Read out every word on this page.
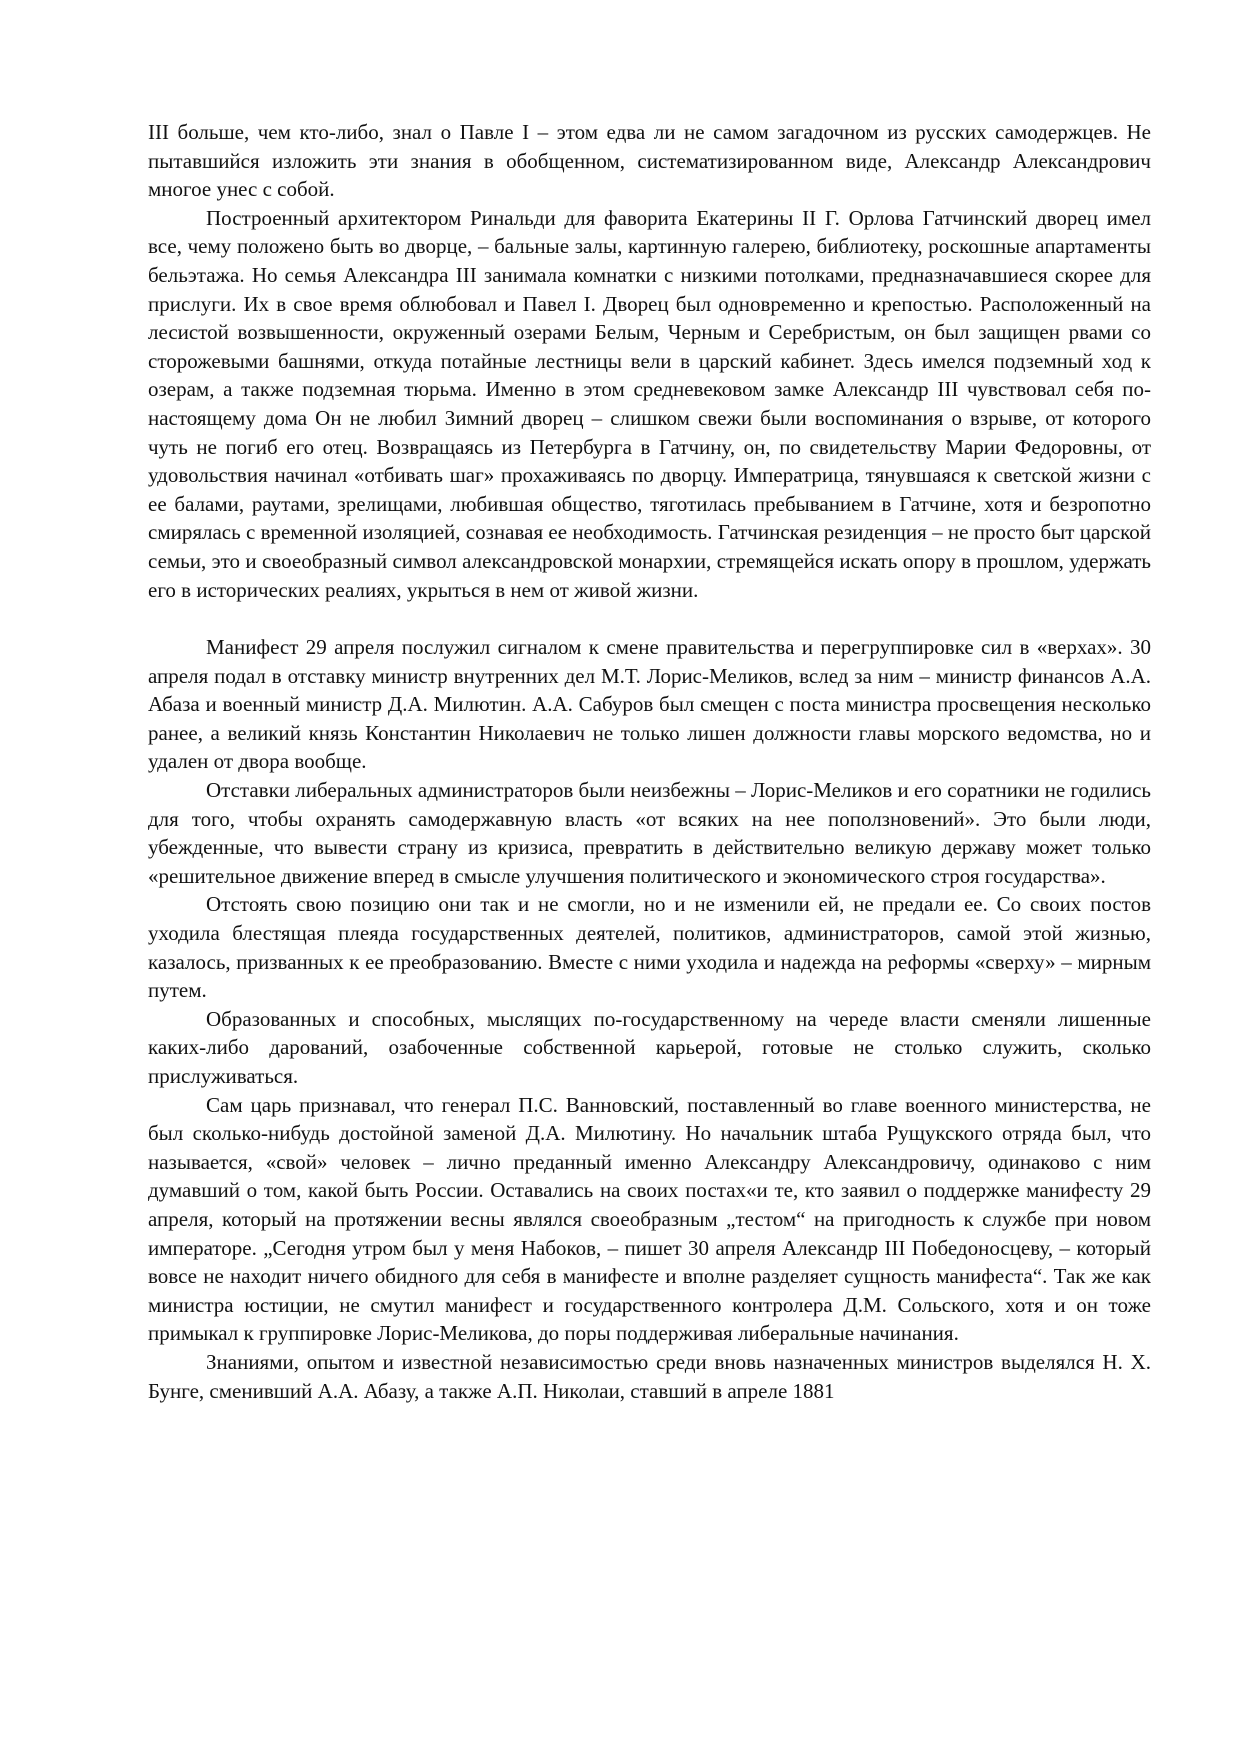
III больше, чем кто-либо, знал о Павле I – этом едва ли не самом загадочном из русских самодержцев. Не пытавшийся изложить эти знания в обобщенном, систематизированном виде, Александр Александрович многое унес с собой.

Построенный архитектором Ринальди для фаворита Екатерины II Г. Орлова Гатчинский дворец имел все, чему положено быть во дворце, – бальные залы, картинную галерею, библиотеку, роскошные апартаменты бельэтажа. Но семья Александра III занимала комнатки с низкими потолками, предназначавшиеся скорее для прислуги. Их в свое время облюбовал и Павел I. Дворец был одновременно и крепостью. Расположенный на лесистой возвышенности, окруженный озерами Белым, Черным и Серебристым, он был защищен рвами со сторожевыми башнями, откуда потайные лестницы вели в царский кабинет. Здесь имелся подземный ход к озерам, а также подземная тюрьма. Именно в этом средневековом замке Александр III чувствовал себя по-настоящему дома Он не любил Зимний дворец – слишком свежи были воспоминания о взрыве, от которого чуть не погиб его отец. Возвращаясь из Петербурга в Гатчину, он, по свидетельству Марии Федоровны, от удовольствия начинал «отбивать шаг» прохаживаясь по дворцу. Императрица, тянувшаяся к светской жизни с ее балами, раутами, зрелищами, любившая общество, тяготилась пребыванием в Гатчине, хотя и безропотно смирялась с временной изоляцией, сознавая ее необходимость. Гатчинская резиденция – не просто быт царской семьи, это и своеобразный символ александровской монархии, стремящейся искать опору в прошлом, удержать его в исторических реалиях, укрыться в нем от живой жизни.

Манифест 29 апреля послужил сигналом к смене правительства и перегруппировке сил в «верхах». 30 апреля подал в отставку министр внутренних дел М.Т. Лорис-Меликов, вслед за ним – министр финансов А.А. Абаза и военный министр Д.А. Милютин. А.А. Сабуров был смещен с поста министра просвещения несколько ранее, а великий князь Константин Николаевич не только лишен должности главы морского ведомства, но и удален от двора вообще.

Отставки либеральных администраторов были неизбежны – Лорис-Меликов и его соратники не годились для того, чтобы охранять самодержавную власть «от всяких на нее поползновений». Это были люди, убежденные, что вывести страну из кризиса, превратить в действительно великую державу может только «решительное движение вперед в смысле улучшения политического и экономического строя государства».

Отстоять свою позицию они так и не смогли, но и не изменили ей, не предали ее. Со своих постов уходила блестящая плеяда государственных деятелей, политиков, администраторов, самой этой жизнью, казалось, призванных к ее преобразованию. Вместе с ними уходила и надежда на реформы «сверху» – мирным путем.

Образованных и способных, мыслящих по-государственному на череде власти сменяли лишенные каких-либо дарований, озабоченные собственной карьерой, готовые не столько служить, сколько прислуживаться.

Сам царь признавал, что генерал П.С. Ванновский, поставленный во главе военного министерства, не был сколько-нибудь достойной заменой Д.А. Милютину. Но начальник штаба Рущукского отряда был, что называется, «свой» человек – лично преданный именно Александру Александровичу, одинаково с ним думавший о том, какой быть России. Оставались на своих постах«и те, кто заявил о поддержке манифесту 29 апреля, который на протяжении весны являлся своеобразным „тестом“ на пригодность к службе при новом императоре. „Сегодня утром был у меня Набоков, – пишет 30 апреля Александр III Победоносцеву, – который вовсе не находит ничего обидного для себя в манифесте и вполне разделяет сущность манифеста“. Так же как министра юстиции, не смутил манифест и государственного контролера Д.М. Сольского, хотя и он тоже примыкал к группировке Лорис-Меликова, до поры поддерживая либеральные начинания.

Знаниями, опытом и известной независимостью среди вновь назначенных министров выделялся Н. Х. Бунге, сменивший А.А. Абазу, а также А.П. Николаи, ставший в апреле 1881
